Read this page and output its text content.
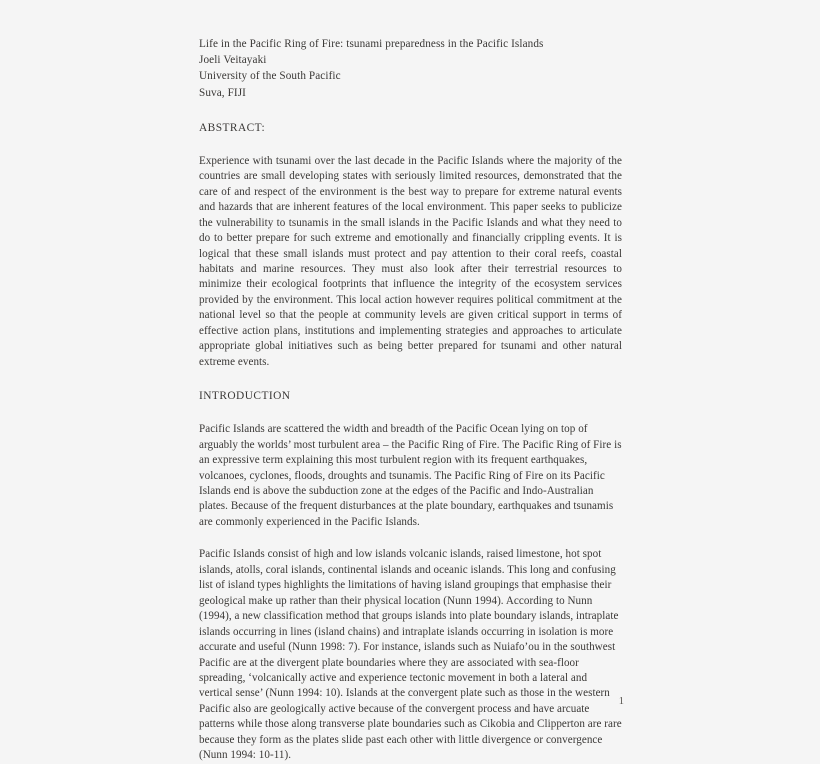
Life in the Pacific Ring of Fire: tsunami preparedness in the Pacific Islands
Joeli Veitayaki
University of the South Pacific
Suva, FIJI
ABSTRACT:
Experience with tsunami over the last decade in the Pacific Islands where the majority of the countries are small developing states with seriously limited resources, demonstrated that the care of and respect of the environment is the best way to prepare for extreme natural events and hazards that are inherent features of the local environment. This paper seeks to publicize the vulnerability to tsunamis in the small islands in the Pacific Islands and what they need to do to better prepare for such extreme and emotionally and financially crippling events. It is logical that these small islands must protect and pay attention to their coral reefs, coastal habitats and marine resources. They must also look after their terrestrial resources to minimize their ecological footprints that influence the integrity of the ecosystem services provided by the environment. This local action however requires political commitment at the national level so that the people at community levels are given critical support in terms of effective action plans, institutions and implementing strategies and approaches to articulate appropriate global initiatives such as being better prepared for tsunami and other natural extreme events.
INTRODUCTION
Pacific Islands are scattered the width and breadth of the Pacific Ocean lying on top of arguably the worlds’ most turbulent area – the Pacific Ring of Fire. The Pacific Ring of Fire is an expressive term explaining this most turbulent region with its frequent earthquakes, volcanoes, cyclones, floods, droughts and tsunamis. The Pacific Ring of Fire on its Pacific Islands end is above the subduction zone at the edges of the Pacific and Indo-Australian plates. Because of the frequent disturbances at the plate boundary, earthquakes and tsunamis are commonly experienced in the Pacific Islands.
Pacific Islands consist of high and low islands volcanic islands, raised limestone, hot spot islands, atolls, coral islands, continental islands and oceanic islands. This long and confusing list of island types highlights the limitations of having island groupings that emphasise their geological make up rather than their physical location (Nunn 1994). According to Nunn (1994), a new classification method that groups islands into plate boundary islands, intraplate islands occurring in lines (island chains) and intraplate islands occurring in isolation is more accurate and useful (Nunn 1998: 7). For instance, islands such as Nuiafo’ou in the southwest Pacific are at the divergent plate boundaries where they are associated with sea-floor spreading, ‘volcanically active and experience tectonic movement in both a lateral and vertical sense’ (Nunn 1994: 10). Islands at the convergent plate such as those in the western Pacific also are geologically active because of the convergent process and have arcuate patterns while those along transverse plate boundaries such as Cikobia and Clipperton are rare because they form as the plates slide past each other with little divergence or convergence (Nunn 1994: 10-11).
1
